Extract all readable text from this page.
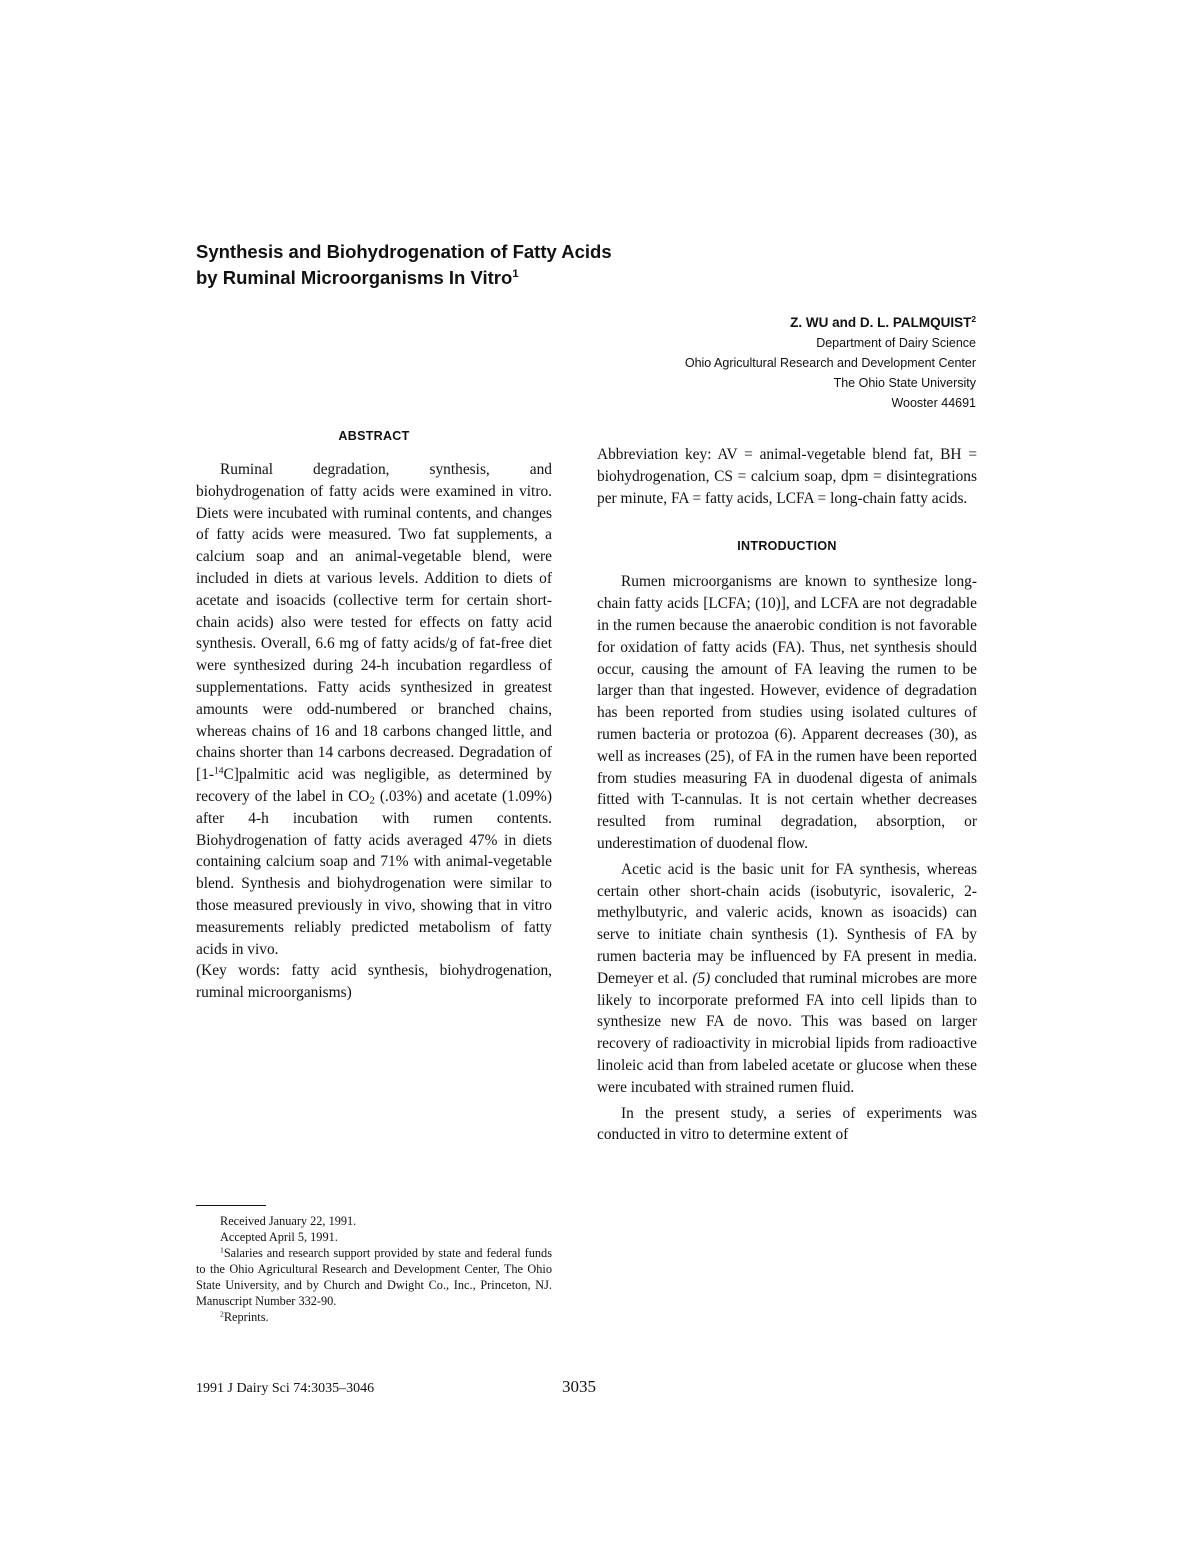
Synthesis and Biohydrogenation of Fatty Acids
by Ruminal Microorganisms In Vitro$^1$
Z. WU and D. L. PALMQUIST$^2$
Department of Dairy Science
Ohio Agricultural Research and Development Center
The Ohio State University
Wooster 44691
ABSTRACT

Ruminal degradation, synthesis, and biohydrogenation of fatty acids were examined in vitro. Diets were incubated with ruminal contents, and changes of fatty acids were measured. Two fat supplements, a calcium soap and an animal-vegetable blend, were included in diets at various levels. Addition to diets of acetate and isoacids (collective term for certain short-chain acids) also were tested for effects on fatty acid synthesis. Overall, 6.6 mg of fatty acids/g of fat-free diet were synthesized during 24-h incubation regardless of supplementations. Fatty acids synthesized in greatest amounts were odd-numbered or branched chains, whereas chains of 16 and 18 carbons changed little, and chains shorter than 14 carbons decreased. Degradation of [1-$^{14}$C]palmitic acid was negligible, as determined by recovery of the label in $CO_2$ (.03%) and acetate (1.09%) after 4-h incubation with rumen contents. Biohydrogenation of fatty acids averaged 47% in diets containing calcium soap and 71% with animal-vegetable blend. Synthesis and biohydrogenation were similar to those measured previously in vivo, showing that in vitro measurements reliably predicted metabolism of fatty acids in vivo.

(Key words: fatty acid synthesis, biohydrogenation, ruminal microorganisms)

Received January 22, 1991.

Accepted April 5, 1991.

$^1$Salaries and research support provided by state and federal funds to the Ohio Agricultural Research and Development Center, The Ohio State University, and by Church and Dwight Co., Inc., Princeton, NJ. Manuscript Number 332-90.

$^2$Reprints.

Abbreviation key: AV = animal-vegetable blend fat, BH = biohydrogenation, CS = calcium soap, dpm = disintegrations per minute, FA = fatty acids, LCFA = long-chain fatty acids.

INTRODUCTION

Rumen microorganisms are known to synthesize long-chain fatty acids [LCFA; (10)], and LCFA are not degradable in the rumen because the anaerobic condition is not favorable for oxidation of fatty acids (FA). Thus, net synthesis should occur, causing the amount of FA leaving the rumen to be larger than that ingested. However, evidence of degradation has been reported from studies using isolated cultures of rumen bacteria or protozoa (6). Apparent decreases (30), as well as increases (25), of FA in the rumen have been reported from studies measuring FA in duodenal digesta of animals fitted with T-cannulas. It is not certain whether decreases resulted from ruminal degradation, absorption, or underestimation of duodenal flow.

Acetic acid is the basic unit for FA synthesis, whereas certain other short-chain acids (isobutyric, isovaleric, 2-methylbutyric, and valeric acids, known as isoacids) can serve to initiate chain synthesis (1). Synthesis of FA by rumen bacteria may be influenced by FA present in media. Demeyer et al. (5) concluded that ruminal microbes are more likely to incorporate preformed FA into cell lipids than to synthesize new FA de novo. This was based on larger recovery of radioactivity in microbial lipids from radioactive linoleic acid than from labeled acetate or glucose when these were incubated with strained rumen fluid.

In the present study, a series of experiments was conducted in vitro to determine extent of

1991 J Dairy Sci 74:3035–3046	3035
